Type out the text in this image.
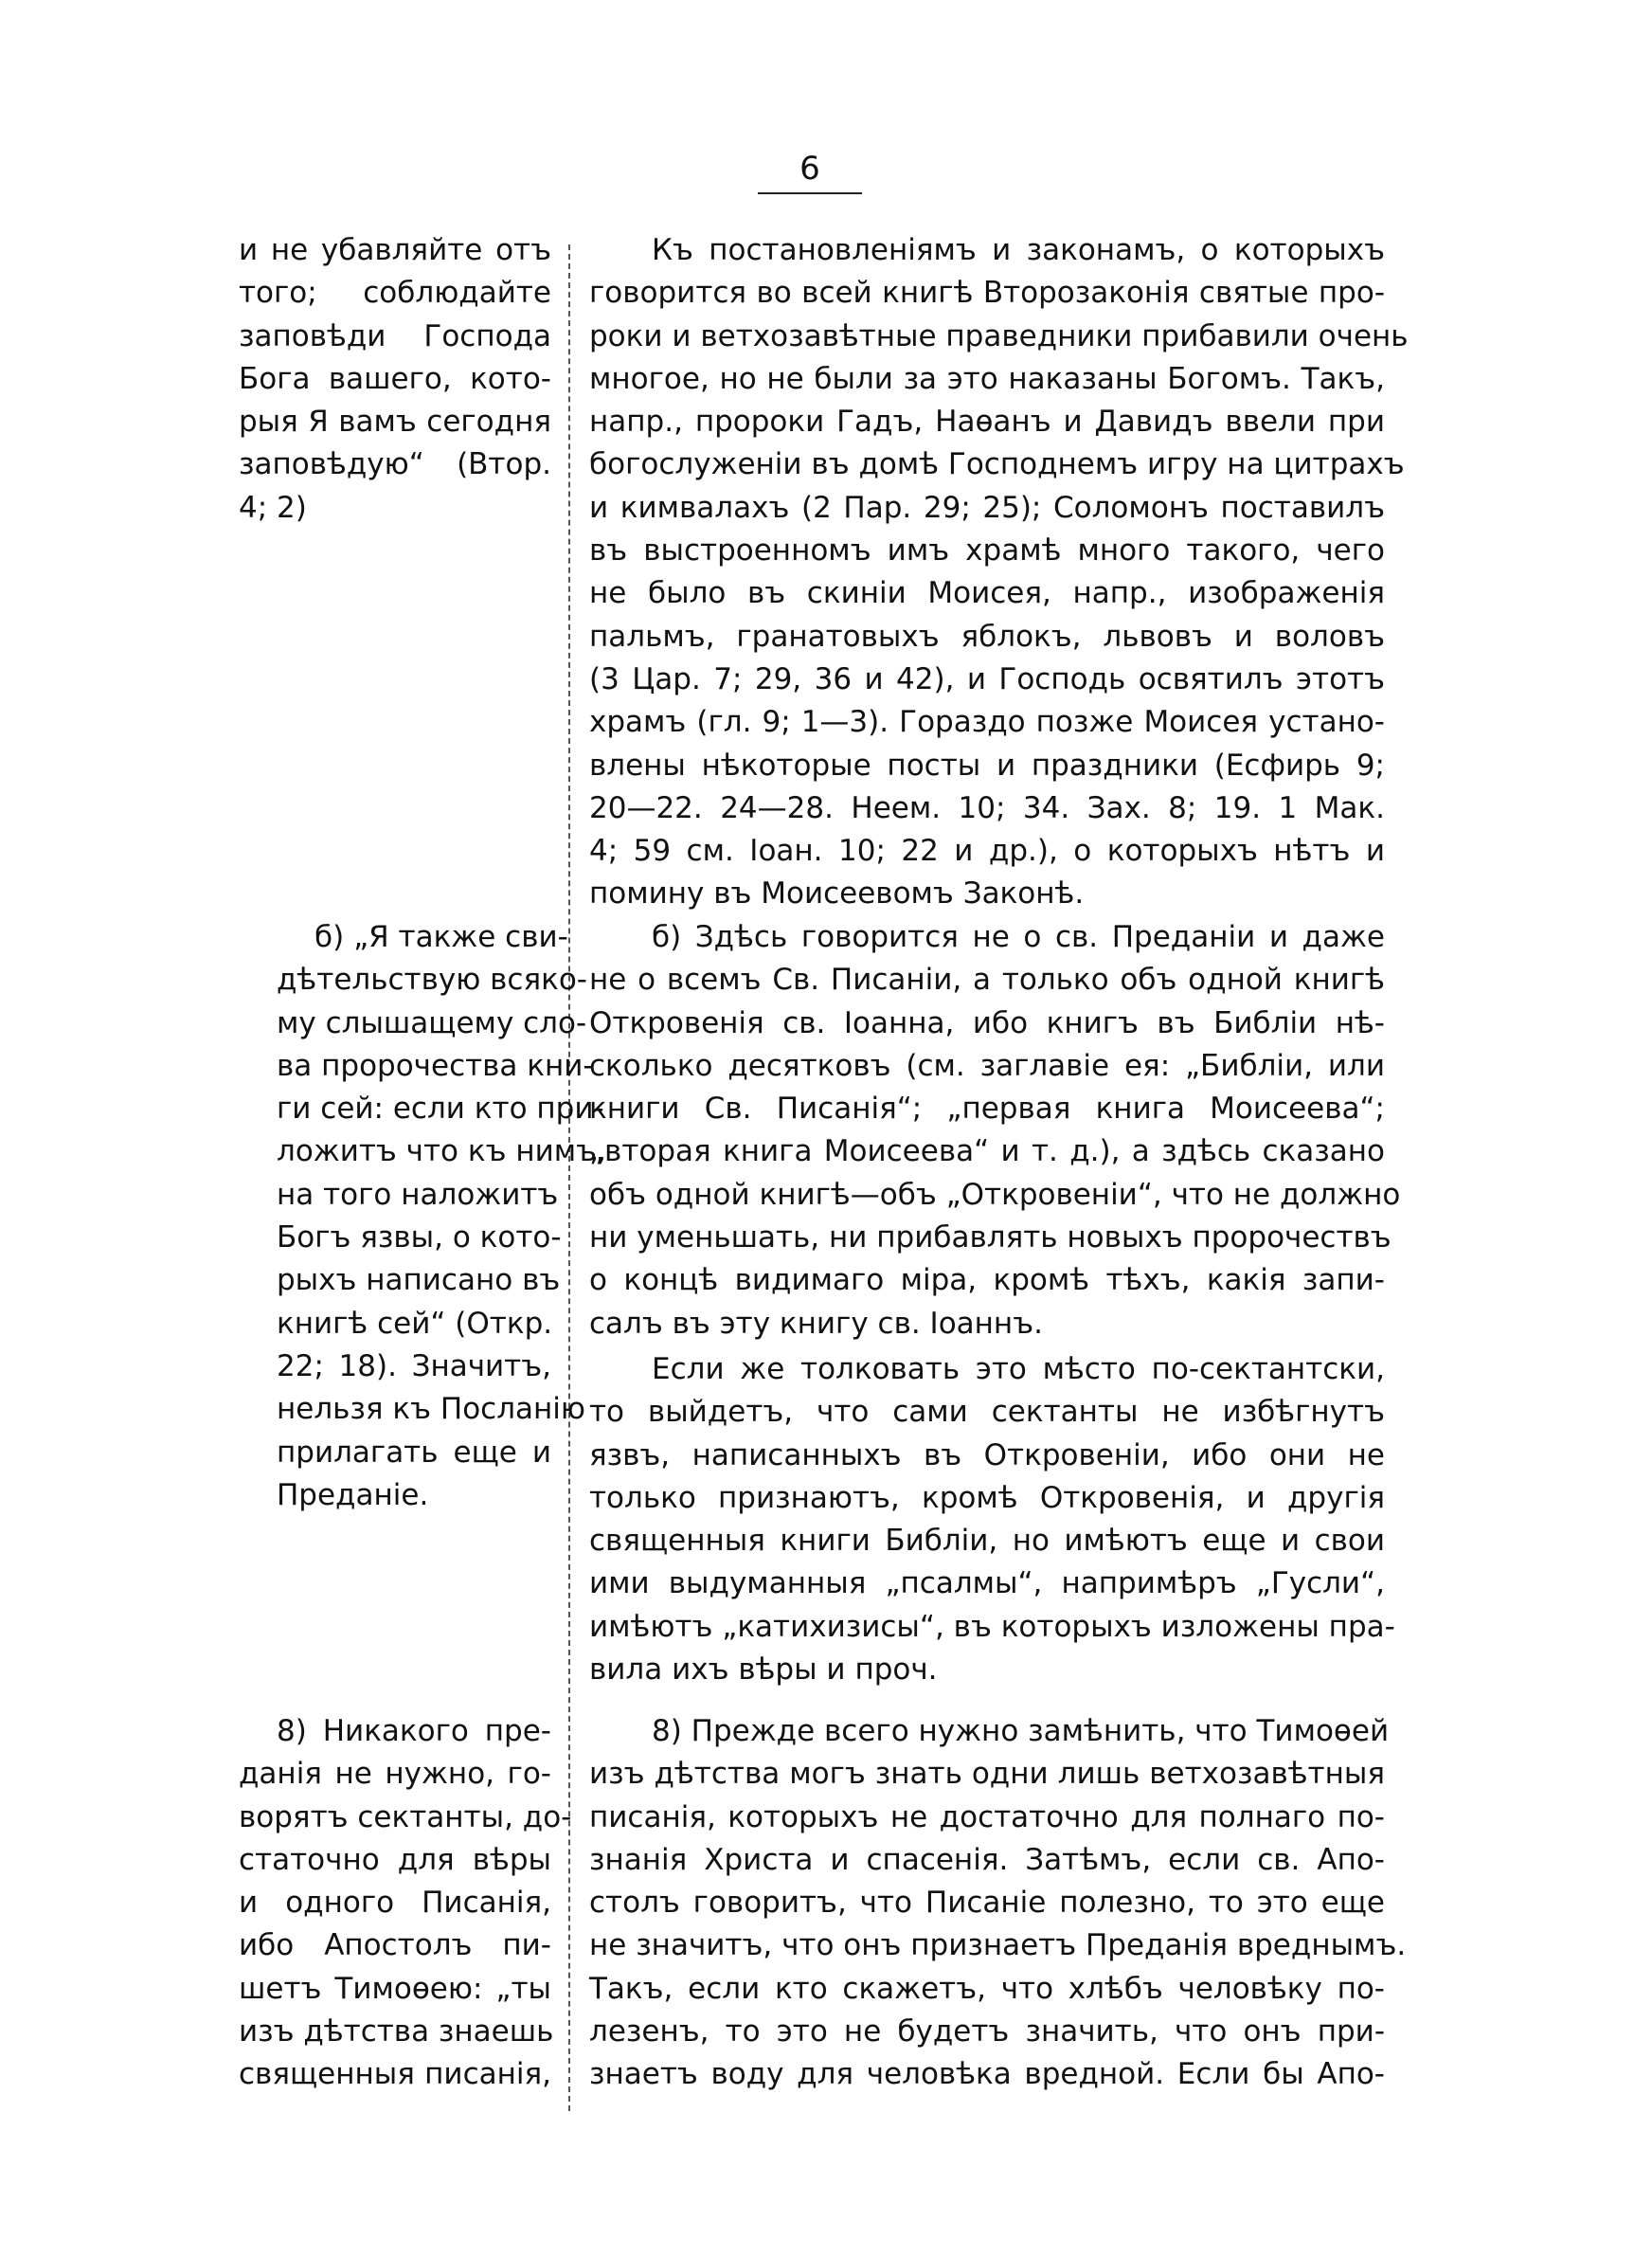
6

и не убавляйте отъ
того; соблюдайте
заповѣди Господа
Бога вашего, кото-
рыя Я вамъ сегодня
заповѣдую“ (Втор.
4; 2)

б) „Я также сви-
дѣтельствую всяко-
му слышащему сло-
ва пророчества кни-
ги сей: если кто при-
ложитъ что къ нимъ,
на того наложитъ
Богъ язвы, о кото-
рыхъ написано въ
книгѣ сей“ (Откр.
22; 18). Значитъ,
нельзя къ Посланію
прилагать еще и
Преданіе.

8) Никакого пре-
данія не нужно, го-
ворятъ сектанты, до-
статочно для вѣры
и одного Писанія,
ибо Апостолъ пи-
шетъ Тимоѳею: „ты
изъ дѣтства знаешь
священныя писанія,

Къ постановленіямъ и законамъ, о которыхъ
говорится во всей книгѣ Второзаконія святые про-
роки и ветхозавѣтные праведники прибавили очень
многое, но не были за это наказаны Богомъ. Такъ,
напр., пророки Гадъ, Наѳанъ и Давидъ ввели при
богослуженіи въ домѣ Господнемъ игру на цитрахъ
и кимвалахъ (2 Пар. 29; 25); Соломонъ поставилъ
въ выстроенномъ имъ храмѣ много такого, чего
не было въ скиніи Моисея, напр., изображенія
пальмъ, гранатовыхъ яблокъ, львовъ и воловъ
(3 Цар. 7; 29, 36 и 42), и Господь освятилъ этотъ
храмъ (гл. 9; 1—3). Гораздо позже Моисея устано-
влены нѣкоторые посты и праздники (Есфирь 9;
20—22. 24—28. Неем. 10; 34. Зах. 8; 19. 1 Мак.
4; 59 см. Іоан. 10; 22 и др.), о которыхъ нѣтъ и
помину въ Моисеевомъ Законѣ.

б) Здѣсь говорится не о св. Преданіи и даже
не о всемъ Св. Писаніи, а только объ одной книгѣ
Откровенія св. Іоанна, ибо книгъ въ Библіи нѣ-
сколько десятковъ (см. заглавіе ея: „Библіи, или
книги Св. Писанія“; „первая книга Моисеева“;
„вторая книга Моисеева“ и т. д.), а здѣсь сказано
объ одной книгѣ—объ „Откровеніи“, что не должно
ни уменьшать, ни прибавлять новыхъ пророчествъ
о концѣ видимаго міра, кромѣ тѣхъ, какія запи-
салъ въ эту книгу св. Іоаннъ.

Если же толковать это мѣсто по-сектантски,
то выйдетъ, что сами сектанты не избѣгнутъ
язвъ, написанныхъ въ Откровеніи, ибо они не
только признаютъ, кромѣ Откровенія, и другія
священныя книги Библіи, но имѣютъ еще и свои
ими выдуманныя „псалмы“, напримѣръ „Гусли“,
имѣютъ „катихизисы“, въ которыхъ изложены пра-
вила ихъ вѣры и проч.

8) Прежде всего нужно замѣнить, что Тимоѳей
изъ дѣтства могъ знать одни лишь ветхозавѣтныя
писанія, которыхъ не достаточно для полнаго по-
знанія Христа и спасенія. Затѣмъ, если св. Апо-
столъ говоритъ, что Писаніе полезно, то это еще
не значитъ, что онъ признаетъ Преданія вреднымъ.
Такъ, если кто скажетъ, что хлѣбъ человѣку по-
лезенъ, то это не будетъ значить, что онъ при-
знаетъ воду для человѣка вредной. Если бы Апо-
